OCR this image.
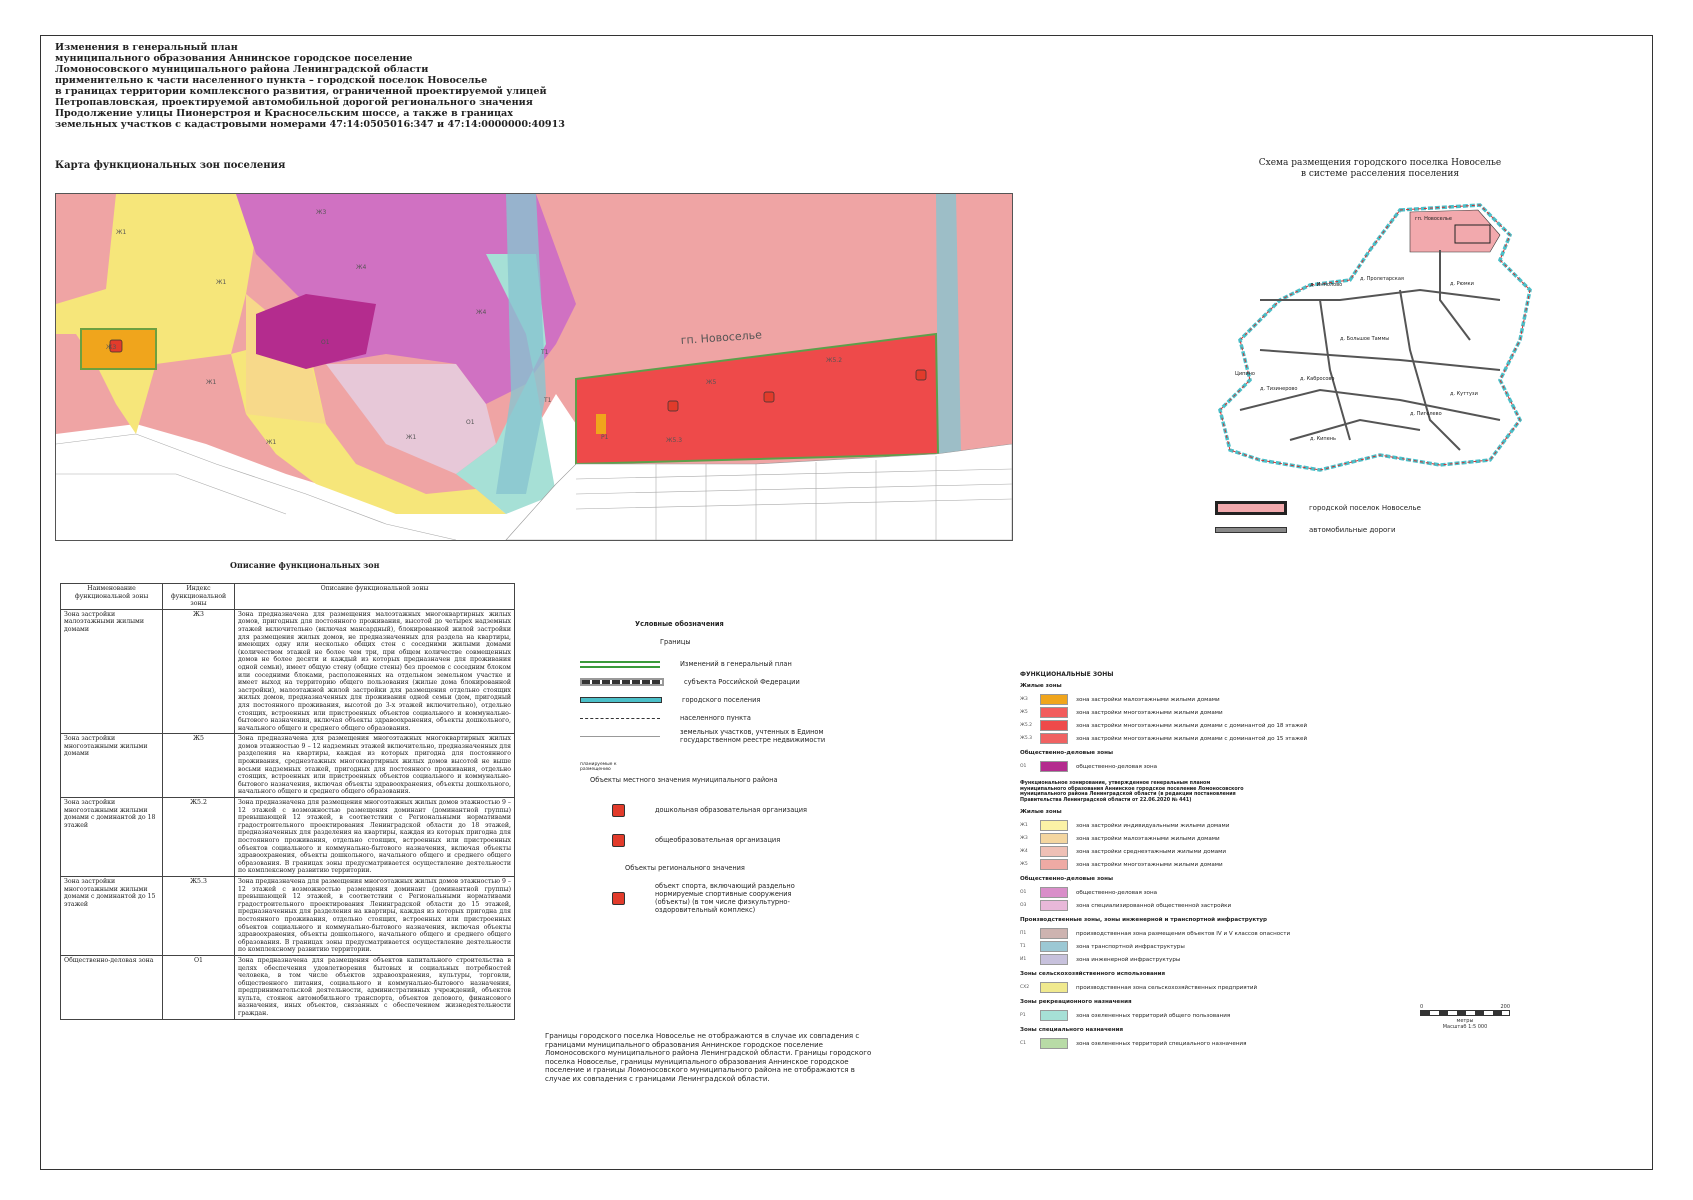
Изменения в генеральный план
муниципального образования Аннинское городское поселение
Ломоносовского муниципального района Ленинградской области
применительно к части населенного пункта – городской поселок Новоселье
в границах территории комплексного развития, ограниченной проектируемой улицей
Петропавловская, проектируемой автомобильной дорогой регионального значения
Продолжение улицы Пионерстроя и Красносельским шоссе, а также в границах
земельных участков с кадастровыми номерами 47:14:0505016:347 и 47:14:0000000:40913
Карта функциональных зон поселения
гп. Новоселье
Ж1
Ж3
Ж1
Ж1
О1
О1
Ж4
Ж1
Ж4
Ж5.2
Ж5
Ж5.3
Ж1
Т1
Т1
Р1
Ж3
Схема размещения городского поселка Новоселье
в системе расселения поселения
гп. Новоселье
д. Иннолово
д. Пролетарская
д. Рюмки
д. Большое Таммы
д. Кабросово
д. Тизинерово
д. Кипень
д. Куттузи
д. Пигелево
Ципино
городской поселок Новоселье
автомобильные дороги
Описание функциональных зон
Наименование функциональной зоны	Индекс функциональной зоны	Описание функциональной зоны
Зона застройки малоэтажными жилыми домами	Ж3	Зона предназначена для размещения малоэтажных многоквартирных жилых домов, пригодных для постоянного проживания, высотой до четырех надземных этажей включительно (включая мансардный), блокированной жилой застройки для размещения жилых домов, не предназначенных для раздела на квартиры, имеющих одну или несколько общих стен с соседними жилыми домами (количеством этажей не более чем три, при общем количестве совмещенных домов не более десяти и каждый из которых предназначен для проживания одной семьи), имеет общую стену (общие стены) без проемов с соседним блоком или соседними блоками, расположенных на отдельном земельном участке и имеет выход на территорию общего пользования (жилые дома блокированной застройки), малоэтажной жилой застройки для размещения отдельно стоящих жилых домов, предназначенных для проживания одной семьи (дом, пригодный для постоянного проживания, высотой до 3-х этажей включительно), отдельно стоящих, встроенных или пристроенных объектов социального и коммунально-бытового назначения, включая объекты здравоохранения, объекты дошкольного, начального общего и среднего общего образования.
Зона застройки многоэтажными жилыми домами	Ж5	Зона предназначена для размещения многоэтажных многоквартирных жилых домов этажностью 9 – 12 надземных этажей включительно, предназначенных для разделения на квартиры, каждая из которых пригодна для постоянного проживания, среднеэтажных многоквартирных жилых домов высотой не выше восьми надземных этажей, пригодных для постоянного проживания, отдельно стоящих, встроенных или пристроенных объектов социального и коммунально-бытового назначения, включая объекты здравоохранения, объекты дошкольного, начального общего и среднего общего образования.
Зона застройки многоэтажными жилыми домами с доминантой до 18 этажей	Ж5.2	Зона предназначена для размещения многоэтажных жилых домов этажностью 9 – 12 этажей с возможностью размещения доминант (доминантной группы) превышающей 12 этажей, в соответствии с Региональными нормативами градостроительного проектирования Ленинградской области до 18 этажей, предназначенных для разделения на квартиры, каждая из которых пригодна для постоянного проживания, отдельно стоящих, встроенных или пристроенных объектов социального и коммунально-бытового назначения, включая объекты здравоохранения, объекты дошкольного, начального общего и среднего общего образования. В границах зоны предусматривается осуществление деятельности по комплексному развитию территории.
Зона застройки многоэтажными жилыми домами с доминантой до 15 этажей	Ж5.3	Зона предназначена для размещения многоэтажных жилых домов этажностью 9 – 12 этажей с возможностью размещения доминант (доминантной группы) превышающей 12 этажей, в соответствии с Региональными нормативами градостроительного проектирования Ленинградской области до 15 этажей, предназначенных для разделения на квартиры, каждая из которых пригодна для постоянного проживания, отдельно стоящих, встроенных или пристроенных объектов социального и коммунально-бытового назначения, включая объекты здравоохранения, объекты дошкольного, начального общего и среднего общего образования. В границах зоны предусматривается осуществление деятельности по комплексному развитию территории.
Общественно-деловая зона	О1	Зона предназначена для размещения объектов капитального строительства в целях обеспечения удовлетворения бытовых и социальных потребностей человека, в том числе объектов здравоохранения, культуры, торговли, общественного питания, социального и коммунально-бытового назначения, предпринимательской деятельности, административных учреждений, объектов культа, стоянок автомобильного транспорта, объектов делового, финансового назначения, иных объектов, связанных с обеспечением жизнедеятельности граждан.
Условные обозначения
Границы
Изменений в генеральный план
субъекта Российской Федерации
городского поселения
населенного пункта
земельных участков, учтенных в Едином государственном реестре недвижимости
планируемые к размещению
Объекты местного значения муниципального района
дошкольная образовательная организация
общеобразовательная организация
Объекты регионального значения
объект спорта, включающий раздельно нормируемые спортивные сооружения (объекты) (в том числе физкультурно-оздоровительный комплекс)
ФУНКЦИОНАЛЬНЫЕ ЗОНЫ
Жилые зоны
Ж3	зона застройки малоэтажными жилыми домами
Ж5	зона застройки многоэтажными жилыми домами
Ж5.2	зона застройки многоэтажными жилыми домами с доминантой до 18 этажей
Ж5.3	зона застройки многоэтажными жилыми домами с доминантой до 15 этажей
Общественно-деловые зоны
О1	общественно-деловая зона
Функциональное зонирование, утвержденное генеральным планом муниципального образования Аннинское городское поселение Ломоносовского муниципального района Ленинградской области (в редакции постановления Правительства Ленинградской области от 22.06.2020 № 441)
Жилые зоны
Ж1	зона застройки индивидуальными жилыми домами
Ж3	зона застройки малоэтажными жилыми домами
Ж4	зона застройки среднеэтажными жилыми домами
Ж5	зона застройки многоэтажными жилыми домами
Общественно-деловые зоны
О1	общественно-деловая зона
О3	зона специализированной общественной застройки
Производственные зоны, зоны инженерной и транспортной инфраструктур
П1	производственная зона размещения объектов IV и V классов опасности
Т1	зона транспортной инфраструктуры
И1	зона инженерной инфраструктуры
Зоны сельскохозяйственного использования
СХ2	производственная зона сельскохозяйственных предприятий
Зоны рекреационного назначения
Р1	зона озелененных территорий общего пользования
Зоны специального назначения
С1	зона озелененных территорий специального назначения
Границы городского поселка Новоселье не отображаются в случае их совпадения с границами муниципального образования Аннинское городское поселение Ломоносовского муниципального района Ленинградской области. Границы городского поселка Новоселье, границы муниципального образования Аннинское городское поселение и границы Ломоносовского муниципального района не отображаются в случае их совпадения с границами Ленинградской области.
0	200
метры
Масштаб 1:5 000
